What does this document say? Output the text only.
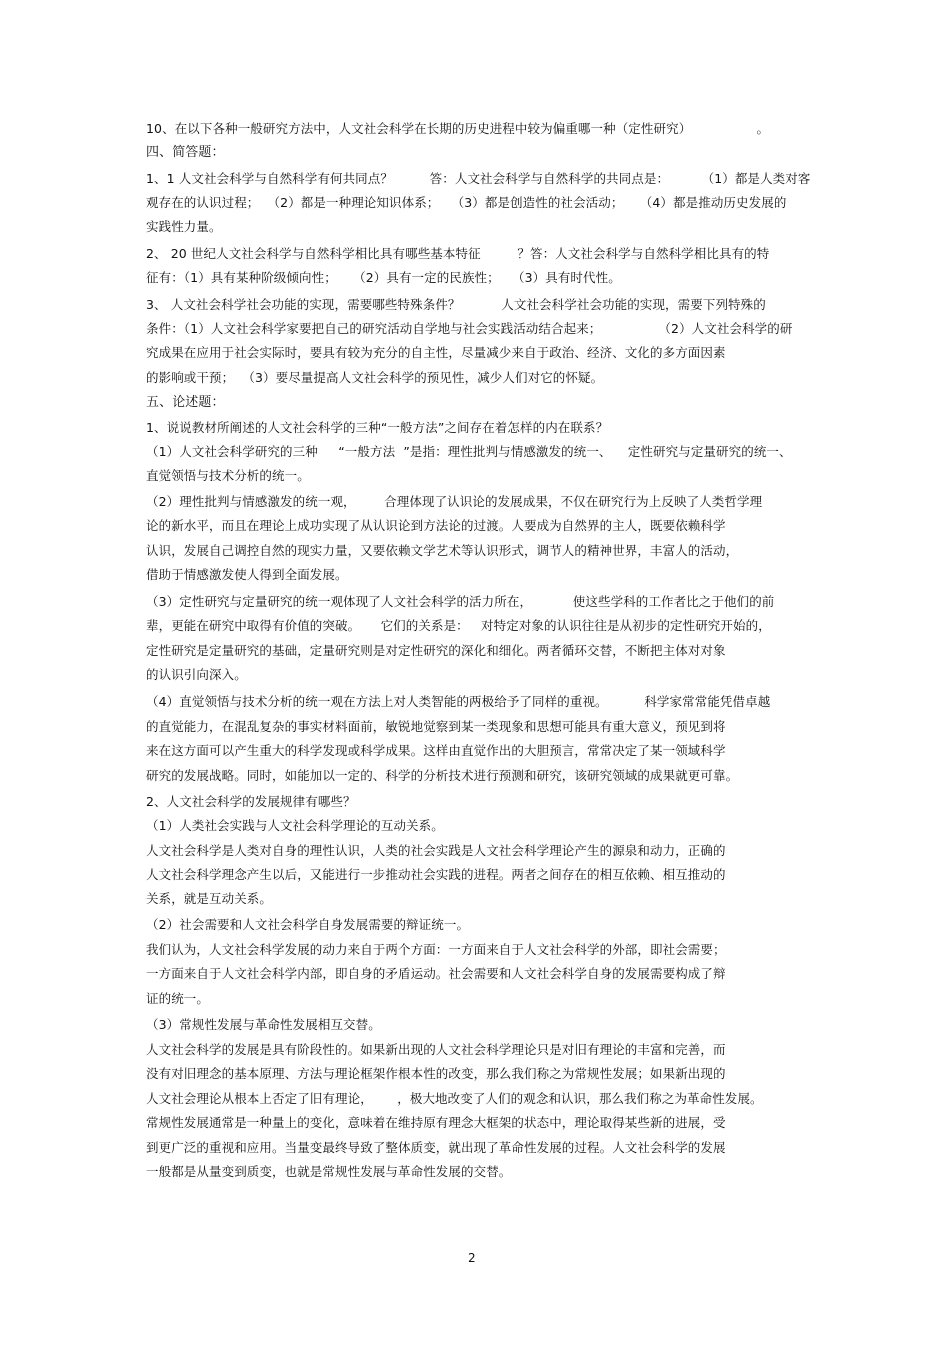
10、在以下各种一般研究方法中，人文社会科学在长期的历史进程中较为偏重哪一种（定性研究）                。
四、简答题：
1、1 人文社会科学与自然科学有何共同点？         答：人文社会科学与自然科学的共同点是：        （1）都是人类对客
观存在的认识过程；  （2）都是一种理论知识体系；   （3）都是创造性的社会活动；    （4）都是推动历史发展的
实践性力量。
2、 20 世纪人文社会科学与自然科学相比具有哪些基本特征         ？答：人文社会科学与自然科学相比具有的特
征有：（1）具有某种阶级倾向性；    （2）具有一定的民族性；   （3）具有时代性。
3、 人文社会科学社会功能的实现，需要哪些特殊条件？          人文社会科学社会功能的实现，需要下列特殊的
条件：（1）人文社会科学家要把自己的研究活动自学地与社会实践活动结合起来；              （2）人文社会科学的研
究成果在应用于社会实际时，要具有较为充分的自主性，尽量减少来自于政治、经济、文化的多方面因素
的影响或干预；  （3）要尽量提高人文社会科学的预见性，减少人们对它的怀疑。
五、论述题：
1、说说教材所阐述的人文社会科学的三种“一般方法”之间存在着怎样的内在联系？
（1）人文社会科学研究的三种     “一般方法  ”是指：理性批判与情感激发的统一、    定性研究与定量研究的统一、
直觉领悟与技术分析的统一。
（2）理性批判与情感激发的统一观，       合理体现了认识论的发展成果，不仅在研究行为上反映了人类哲学理
论的新水平，而且在理论上成功实现了从认识论到方法论的过渡。人要成为自然界的主人，既要依赖科学
认识，发展自己调控自然的现实力量，又要依赖文学艺术等认识形式，调节人的精神世界，丰富人的活动，
借助于情感激发使人得到全面发展。
（3）定性研究与定量研究的统一观体现了人文社会科学的活力所在，          使这些学科的工作者比之于他们的前
辈，更能在研究中取得有价值的突破。     它们的关系是：   对特定对象的认识往往是从初步的定性研究开始的，
定性研究是定量研究的基础，定量研究则是对定性研究的深化和细化。两者循环交替，不断把主体对对象
的认识引向深入。
（4）直觉领悟与技术分析的统一观在方法上对人类智能的两极给予了同样的重视。         科学家常常能凭借卓越
的直觉能力，在混乱复杂的事实材料面前，敏锐地觉察到某一类现象和思想可能具有重大意义，预见到将
来在这方面可以产生重大的科学发现或科学成果。这样由直觉作出的大胆预言，常常决定了某一领域科学
研究的发展战略。同时，如能加以一定的、科学的分析技术进行预测和研究，该研究领域的成果就更可靠。
2、人文社会科学的发展规律有哪些？
（1）人类社会实践与人文社会科学理论的互动关系。
人文社会科学是人类对自身的理性认识，人类的社会实践是人文社会科学理论产生的源泉和动力，正确的
人文社会科学理念产生以后，又能进行一步推动社会实践的进程。两者之间存在的相互依赖、相互推动的
关系，就是互动关系。
（2）社会需要和人文社会科学自身发展需要的辩证统一。
我们认为，人文社会科学发展的动力来自于两个方面：一方面来自于人文社会科学的外部，即社会需要；
一方面来自于人文社会科学内部，即自身的矛盾运动。社会需要和人文社会科学自身的发展需要构成了辩
证的统一。
（3）常规性发展与革命性发展相互交替。
人文社会科学的发展是具有阶段性的。如果新出现的人文社会科学理论只是对旧有理论的丰富和完善，而
没有对旧理念的基本原理、方法与理论框架作根本性的改变，那么我们称之为常规性发展；如果新出现的
人文社会理论从根本上否定了旧有理论，      ，极大地改变了人们的观念和认识，那么我们称之为革命性发展。
常规性发展通常是一种量上的变化，意味着在维持原有理念大框架的状态中，理论取得某些新的进展，受
到更广泛的重视和应用。当量变最终导致了整体质变，就出现了革命性发展的过程。人文社会科学的发展
一般都是从量变到质变，也就是常规性发展与革命性发展的交替。
2
